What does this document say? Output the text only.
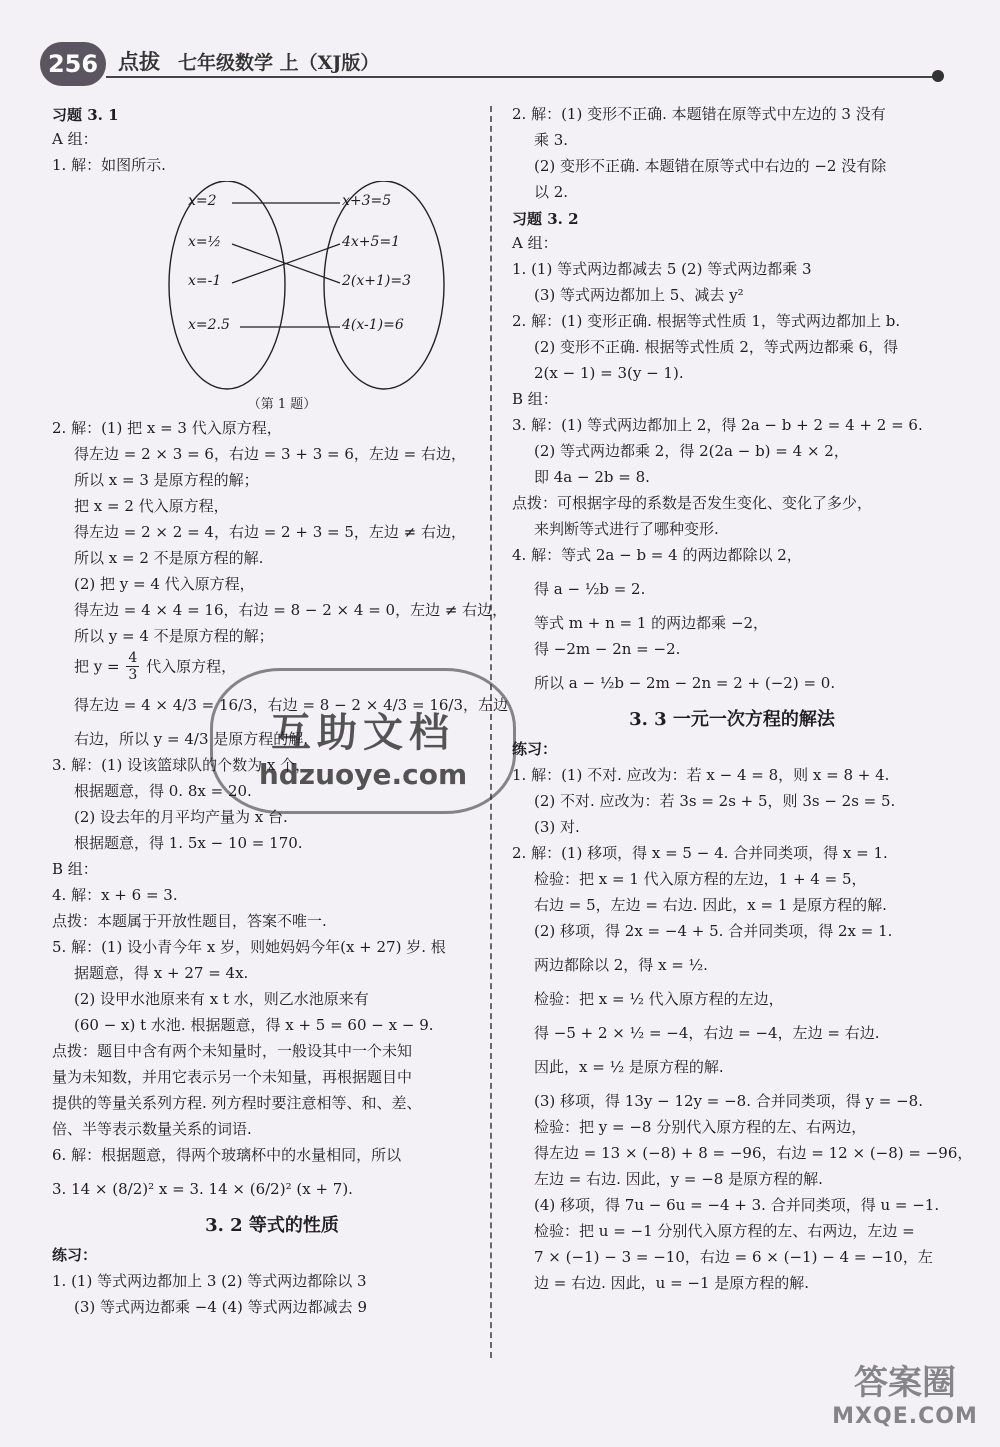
256 点拔 七年级数学 上（XJ版）
习题 3. 1
A 组：
1. 解：如图所示.
x=2
x=½
x=-1
x=2.5
x+3=5
4x+5=1
2(x+1)=3
4(x-1)=6
（第 1 题）
2. 解：(1) 把 x = 3 代入原方程，
得左边 = 2 × 3 = 6，右边 = 3 + 3 = 6，左边 = 右边，
所以 x = 3 是原方程的解；
把 x = 2 代入原方程，
得左边 = 2 × 2 = 4，右边 = 2 + 3 = 5，左边 ≠ 右边，
所以 x = 2 不是原方程的解.
(2) 把 y = 4 代入原方程，
得左边 = 4 × 4 = 16，右边 = 8 − 2 × 4 = 0，左边 ≠ 右边，
所以 y = 4 不是原方程的解；
把 $y = \frac{4}{3}$ 代入原方程，
得左边 = 4 × 4/3 = 16/3，右边 = 8 − 2 × 4/3 = 16/3，左边
右边，所以 y = 4/3 是原方程的解.
3. 解：(1) 设该篮球队的个数为 x 个，
根据题意，得 0. 8x = 20.
(2) 设去年的月平均产量为 x 台.
根据题意，得 1. 5x − 10 = 170.
B 组：
4. 解：x + 6 = 3.
点拨：本题属于开放性题目，答案不唯一.
5. 解：(1) 设小青今年 x 岁，则她妈妈今年(x + 27) 岁. 根
据题意，得 x + 27 = 4x.
(2) 设甲水池原来有 x t 水，则乙水池原来有
(60 − x) t 水池. 根据题意，得 x + 5 = 60 − x − 9.
点拨：题目中含有两个未知量时，一般设其中一个未知
量为未知数，并用它表示另一个未知量，再根据题目中
提供的等量关系列方程. 列方程时要注意相等、和、差、
倍、半等表示数量关系的词语.
6. 解：根据题意，得两个玻璃杯中的水量相同，所以
3. 14 × (8/2)² x = 3. 14 × (6/2)² (x + 7).
3. 2 等式的性质
练习：
1. (1) 等式两边都加上 3 (2) 等式两边都除以 3
(3) 等式两边都乘 −4 (4) 等式两边都减去 9
2. 解：(1) 变形不正确. 本题错在原等式中左边的 3 没有
乘 3.
(2) 变形不正确. 本题错在原等式中右边的 −2 没有除
以 2.
习题 3. 2
A 组：
1. (1) 等式两边都减去 5 (2) 等式两边都乘 3
(3) 等式两边都加上 5、减去 y²
2. 解：(1) 变形正确. 根据等式性质 1，等式两边都加上 b.
(2) 变形不正确. 根据等式性质 2，等式两边都乘 6，得
2(x − 1) = 3(y − 1).
B 组：
3. 解：(1) 等式两边都加上 2，得 2a − b + 2 = 4 + 2 = 6.
(2) 等式两边都乘 2，得 2(2a − b) = 4 × 2，
即 4a − 2b = 8.
点拨：可根据字母的系数是否发生变化、变化了多少，
来判断等式进行了哪种变形.
4. 解：等式 2a − b = 4 的两边都除以 2，
得 a − ½b = 2.
等式 m + n = 1 的两边都乘 −2，
得 −2m − 2n = −2.
所以 a − ½b − 2m − 2n = 2 + (−2) = 0.
3. 3 一元一次方程的解法
练习：
1. 解：(1) 不对. 应改为：若 x − 4 = 8，则 x = 8 + 4.
(2) 不对. 应改为：若 3s = 2s + 5，则 3s − 2s = 5.
(3) 对.
2. 解：(1) 移项，得 x = 5 − 4. 合并同类项，得 x = 1.
检验：把 x = 1 代入原方程的左边，1 + 4 = 5，
右边 = 5，左边 = 右边. 因此，x = 1 是原方程的解.
(2) 移项，得 2x = −4 + 5. 合并同类项，得 2x = 1.
两边都除以 2，得 x = ½.
检验：把 x = ½ 代入原方程的左边，
得 −5 + 2 × ½ = −4，右边 = −4，左边 = 右边.
因此，x = ½ 是原方程的解.
(3) 移项，得 13y − 12y = −8. 合并同类项，得 y = −8.
检验：把 y = −8 分别代入原方程的左、右两边，
得左边 = 13 × (−8) + 8 = −96，右边 = 12 × (−8) = −96，
左边 = 右边. 因此，y = −8 是原方程的解.
(4) 移项，得 7u − 6u = −4 + 3. 合并同类项，得 u = −1.
检验：把 u = −1 分别代入原方程的左、右两边，左边 =
7 × (−1) − 3 = −10，右边 = 6 × (−1) − 4 = −10，左
边 = 右边. 因此，u = −1 是原方程的解.
互助文档
hdzuoye.com
答案圈
MXQE.COM
